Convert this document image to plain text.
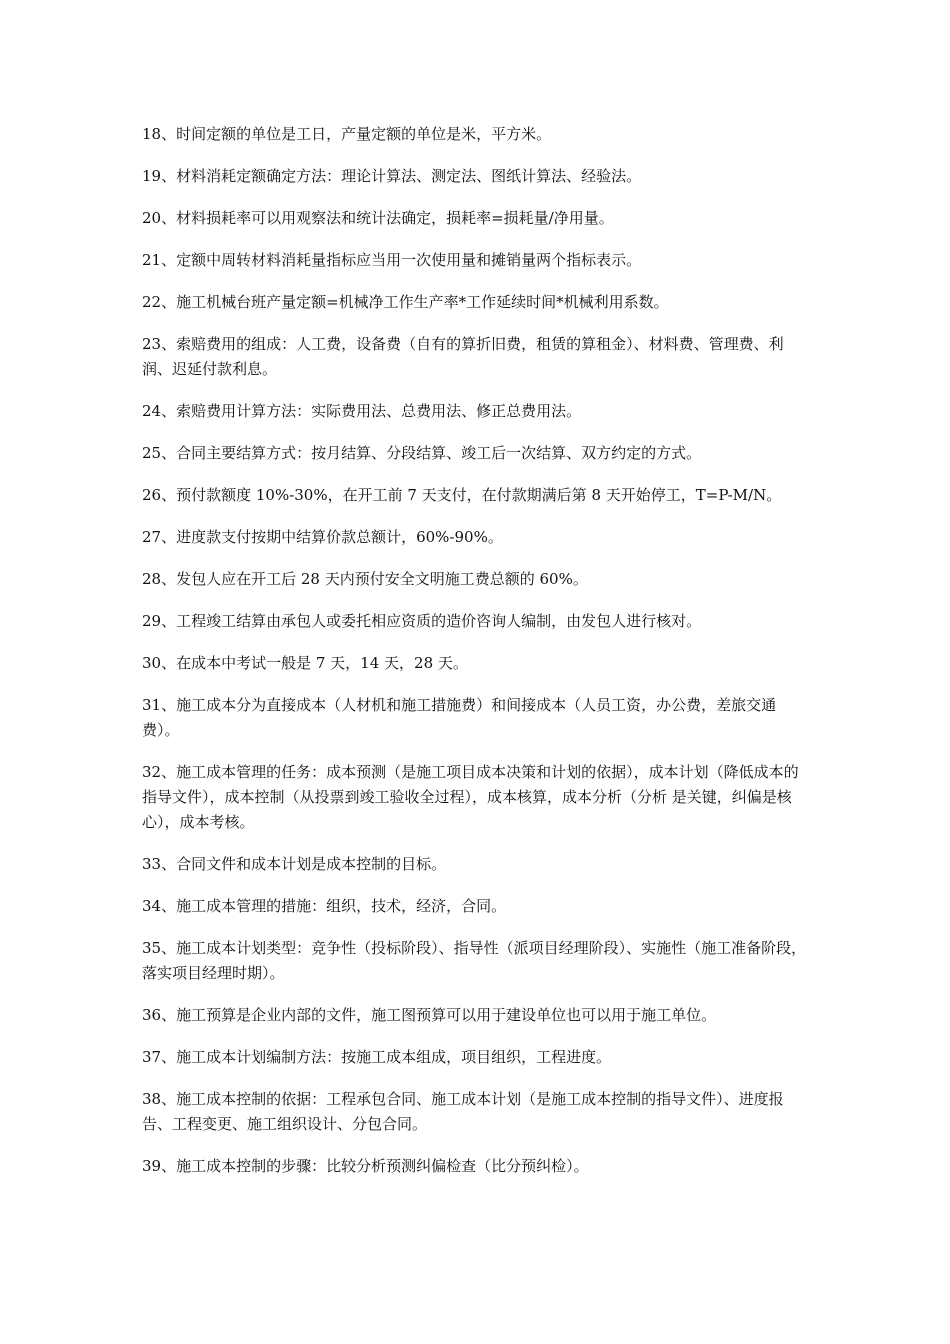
18、时间定额的单位是工日，产量定额的单位是米，平方米。

19、材料消耗定额确定方法：理论计算法、测定法、图纸计算法、经验法。

20、材料损耗率可以用观察法和统计法确定，损耗率=损耗量/净用量。

21、定额中周转材料消耗量指标应当用一次使用量和摊销量两个指标表示。

22、施工机械台班产量定额=机械净工作生产率*工作延续时间*机械利用系数。

23、索赔费用的组成：人工费，设备费（自有的算折旧费，租赁的算租金）、材料费、管理费、利润、迟延付款利息。

24、索赔费用计算方法：实际费用法、总费用法、修正总费用法。

25、合同主要结算方式：按月结算、分段结算、竣工后一次结算、双方约定的方式。

26、预付款额度 10%-30%，在开工前 7 天支付，在付款期满后第 8 天开始停工，T=P-M/N。

27、进度款支付按期中结算价款总额计，60%-90%。

28、发包人应在开工后 28 天内预付安全文明施工费总额的 60%。

29、工程竣工结算由承包人或委托相应资质的造价咨询人编制，由发包人进行核对。

30、在成本中考试一般是 7 天，14 天，28 天。

31、施工成本分为直接成本（人材机和施工措施费）和间接成本（人员工资，办公费，差旅交通费）。

32、施工成本管理的任务：成本预测（是施工项目成本决策和计划的依据），成本计划（降低成本的指导文件），成本控制（从投票到竣工验收全过程），成本核算，成本分析（分析 是关键，纠偏是核心），成本考核。

33、合同文件和成本计划是成本控制的目标。

34、施工成本管理的措施：组织，技术，经济，合同。

35、施工成本计划类型：竞争性（投标阶段）、指导性（派项目经理阶段）、实施性（施工准备阶段，落实项目经理时期）。

36、施工预算是企业内部的文件，施工图预算可以用于建设单位也可以用于施工单位。

37、施工成本计划编制方法：按施工成本组成，项目组织，工程进度。

38、施工成本控制的依据：工程承包合同、施工成本计划（是施工成本控制的指导文件）、进度报告、工程变更、施工组织设计、分包合同。

39、施工成本控制的步骤：比较分析预测纠偏检查（比分预纠检）。
